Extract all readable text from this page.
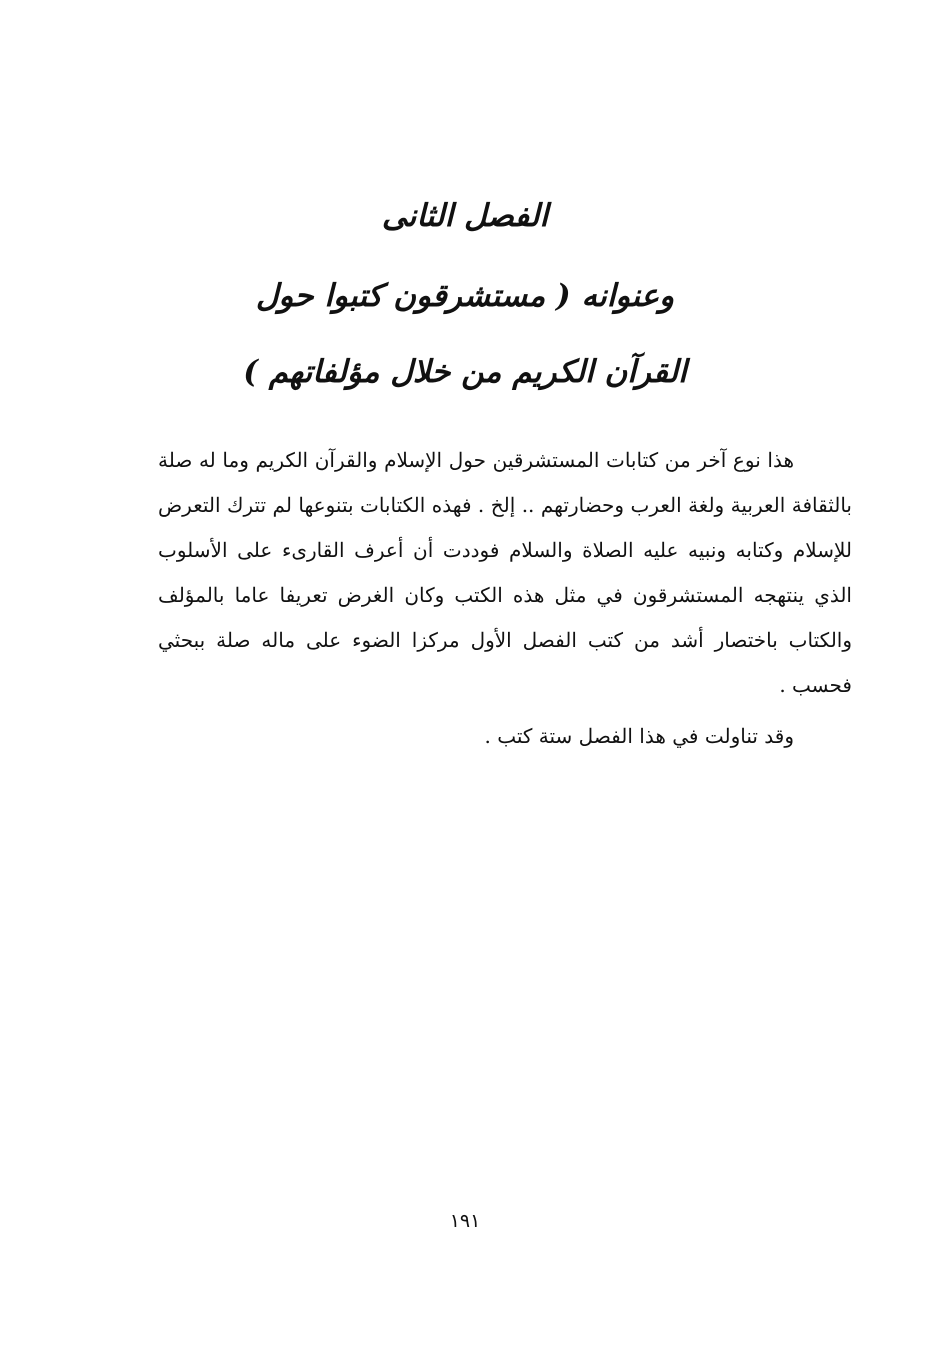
الفصل الثانى
وعنوانه ( مستشرقون كتبوا حول
القرآن الكريم من خلال مؤلفاتهم )

هذا نوع آخر من كتابات المستشرقين حول الإسلام والقرآن الكريم وما له صلة بالثقافة العربية ولغة العرب وحضارتهم .. إلخ . فهذه الكتابات بتنوعها لم تترك التعرض للإسلام وكتابه ونبيه عليه الصلاة والسلام فوددت أن أعرف القارىء على الأسلوب الذي ينتهجه المستشرقون في مثل هذه الكتب وكان الغرض تعريفا عاما بالمؤلف والكتاب باختصار أشد من كتب الفصل الأول مركزا الضوء على ماله صلة ببحثي فحسب .

وقد تناولت في هذا الفصل ستة كتب .

١٩١
